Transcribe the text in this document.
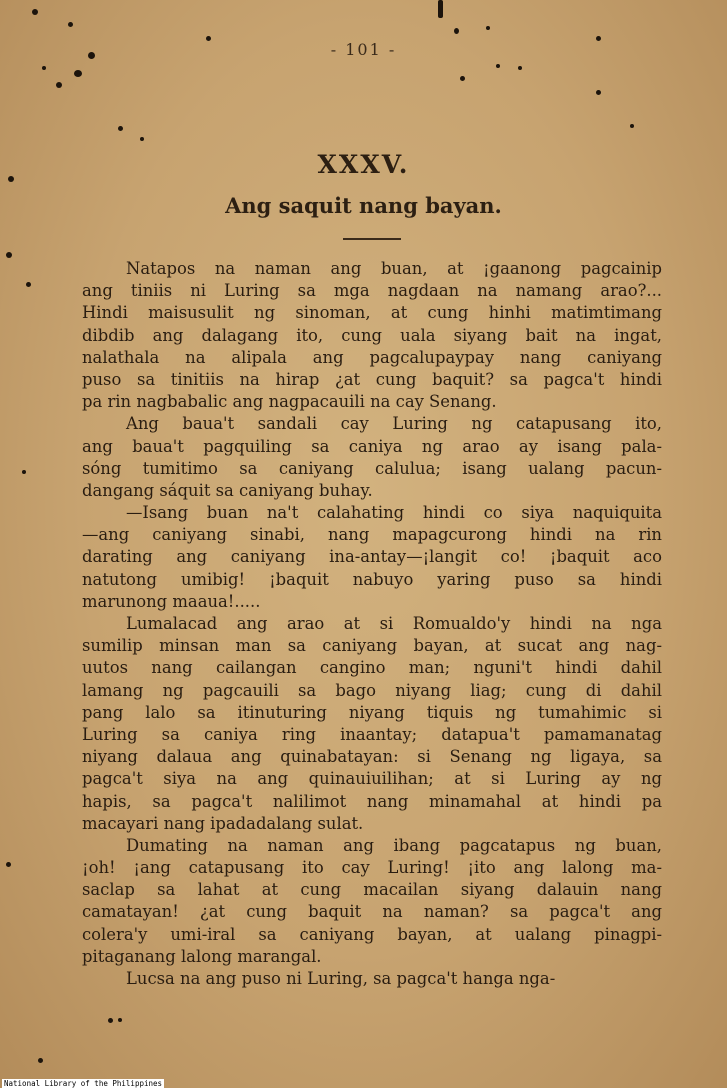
- 101 -
XXXV.
Ang saquit nang bayan.
Natapos na naman ang buan, at ¡gaanong pagcainip
ang tiniis ni Luring sa mga nagdaan na namang arao?...
Hindi maisusulit ng sinoman, at cung hinhi matimtimang
dibdib ang dalagang ito, cung uala siyang bait na ingat,
nalathala na alipala ang pagcalupaypay nang caniyang
puso sa tinitiis na hirap ¿at cung baquit? sa pagca't hindi
pa rin nagbabalic ang nagpacauili na cay Senang.
Ang baua't sandali cay Luring ng catapusang ito,
ang baua't pagquiling sa caniya ng arao ay isang pala-
sóng tumitimo sa caniyang calulua; isang ualang pacun-
dangang sáquit sa caniyang buhay.
—Isang buan na't calahating hindi co siya naquiquita
—ang caniyang sinabi, nang mapagcurong hindi na rin
darating ang caniyang ina-antay—¡langit co! ¡baquit aco
natutong umibig! ¡baquit nabuyo yaring puso sa hindi
marunong maaua!.....
Lumalacad ang arao at si Romualdo'y hindi na nga
sumilip minsan man sa caniyang bayan, at sucat ang nag-
uutos nang cailangan canginо man; nguni't hindi dahil
lamang ng pagcauili sa bago niyang liag; cung di dahil
pang lalo sa itinuturing niyang tiquis ng tumahimic si
Luring sa caniya ring inaantay; datapua't pamamanatag
niyang dalaua ang quinabatayan: si Senang ng ligaya, sa
pagca't siya na ang quinauiuilihan; at si Luring ay ng
hapis, sa pagca't nalilimot nang minamahal at hindi pa
macayari nang ipadadalang sulat.
Dumating na naman ang ibang pagcatapus ng buan,
¡oh! ¡ang catapusang ito cay Luring! ¡ito ang lalong ma-
saclap sa lahat at cung macailan siyang dalauin nang
camatayan! ¿at cung baquit na naman? sa pagca't ang
colera'y umi-iral sa caniyang bayan, at ualang pinagpi-
pitaganang lalong marangal.
Lucsa na ang puso ni Luring, sa pagca't hanga nga-
National Library of the Philippines
